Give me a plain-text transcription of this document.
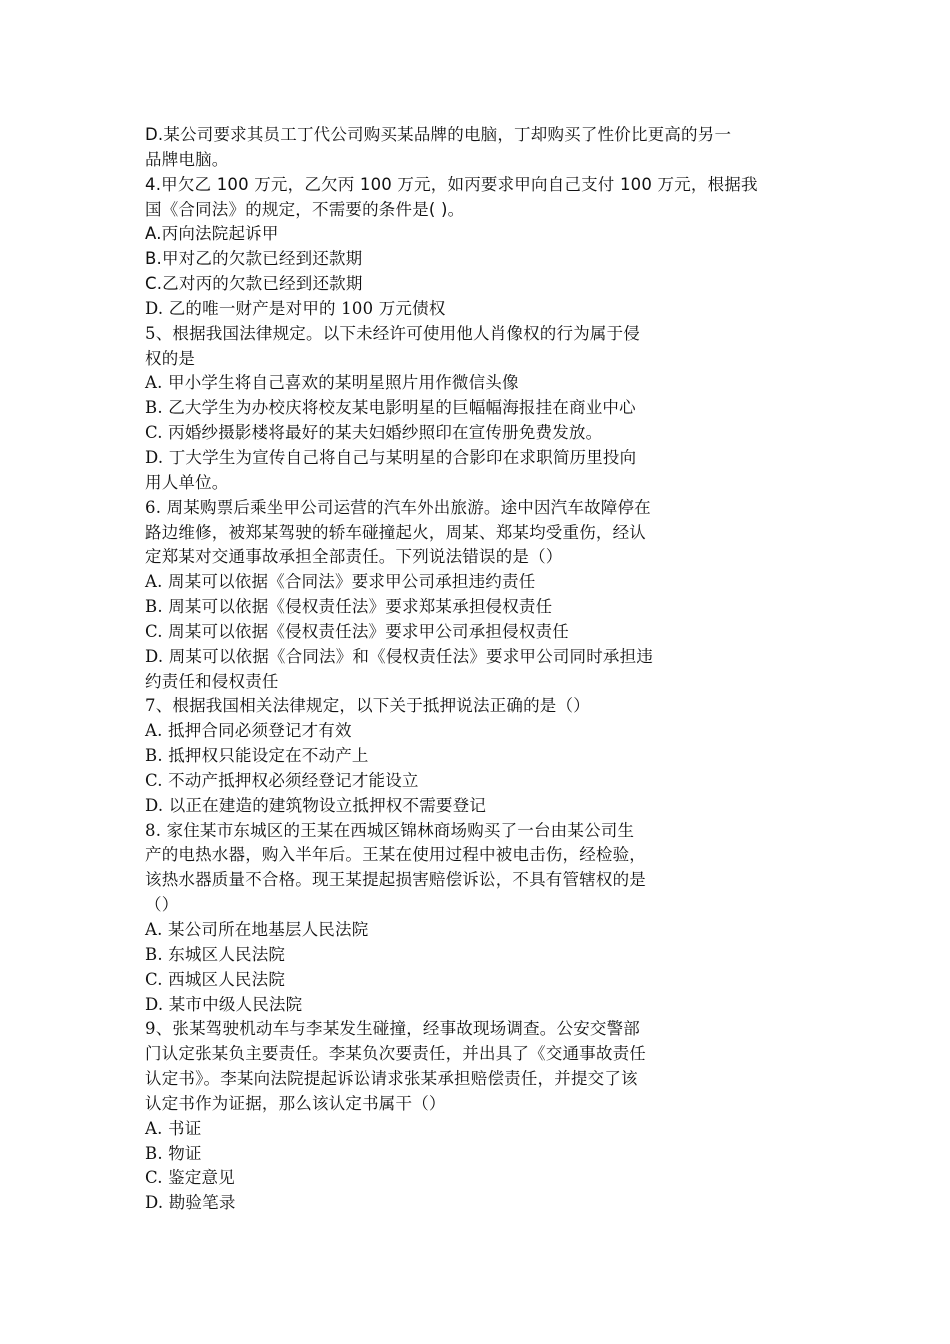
D.某公司要求其员工丁代公司购买某品牌的电脑，丁却购买了性价比更高的另一
品牌电脑。
4.甲欠乙 100 万元，乙欠丙 100 万元，如丙要求甲向自己支付 100 万元，根据我
国《合同法》的规定，不需要的条件是( )。
A.丙向法院起诉甲
B.甲对乙的欠款已经到还款期
C.乙对丙的欠款已经到还款期
D. 乙的唯一财产是对甲的 100 万元债权
5、根据我国法律规定。以下未经许可使用他人肖像权的行为属于侵
权的是
A. 甲小学生将自己喜欢的某明星照片用作微信头像
B. 乙大学生为办校庆将校友某电影明星的巨幅幅海报挂在商业中心
C. 丙婚纱摄影楼将最好的某夫妇婚纱照印在宣传册免费发放。
D. 丁大学生为宣传自己将自己与某明星的合影印在求职简历里投向
用人单位。
6. 周某购票后乘坐甲公司运营的汽车外出旅游。途中因汽车故障停在
路边维修，被郑某驾驶的轿车碰撞起火，周某、郑某均受重伤，经认
定郑某对交通事故承担全部责任。下列说法错误的是（）
A. 周某可以依据《合同法》要求甲公司承担违约责任
B. 周某可以依据《侵权责任法》要求郑某承担侵权责任
C. 周某可以依据《侵权责任法》要求甲公司承担侵权责任
D. 周某可以依据《合同法》和《侵权责任法》要求甲公司同时承担违
约责任和侵权责任
7、根据我国相关法律规定，以下关于抵押说法正确的是（）
A. 抵押合同必须登记才有效
B. 抵押权只能设定在不动产上
C. 不动产抵押权必须经登记才能设立
D. 以正在建造的建筑物设立抵押权不需要登记
8. 家住某市东城区的王某在西城区锦林商场购买了一台由某公司生
产的电热水器，购入半年后。王某在使用过程中被电击伤，经检验，
该热水器质量不合格。现王某提起损害赔偿诉讼，不具有管辖权的是
（）
A. 某公司所在地基层人民法院
B. 东城区人民法院
C. 西城区人民法院
D. 某市中级人民法院
9、张某驾驶机动车与李某发生碰撞，经事故现场调查。公安交警部
门认定张某负主要责任。李某负次要责任，并出具了《交通事故责任
认定书》。李某向法院提起诉讼请求张某承担赔偿责任，并提交了该
认定书作为证据，那么该认定书属干（）
A. 书证
B. 物证
C. 鉴定意见
D. 勘验笔录
